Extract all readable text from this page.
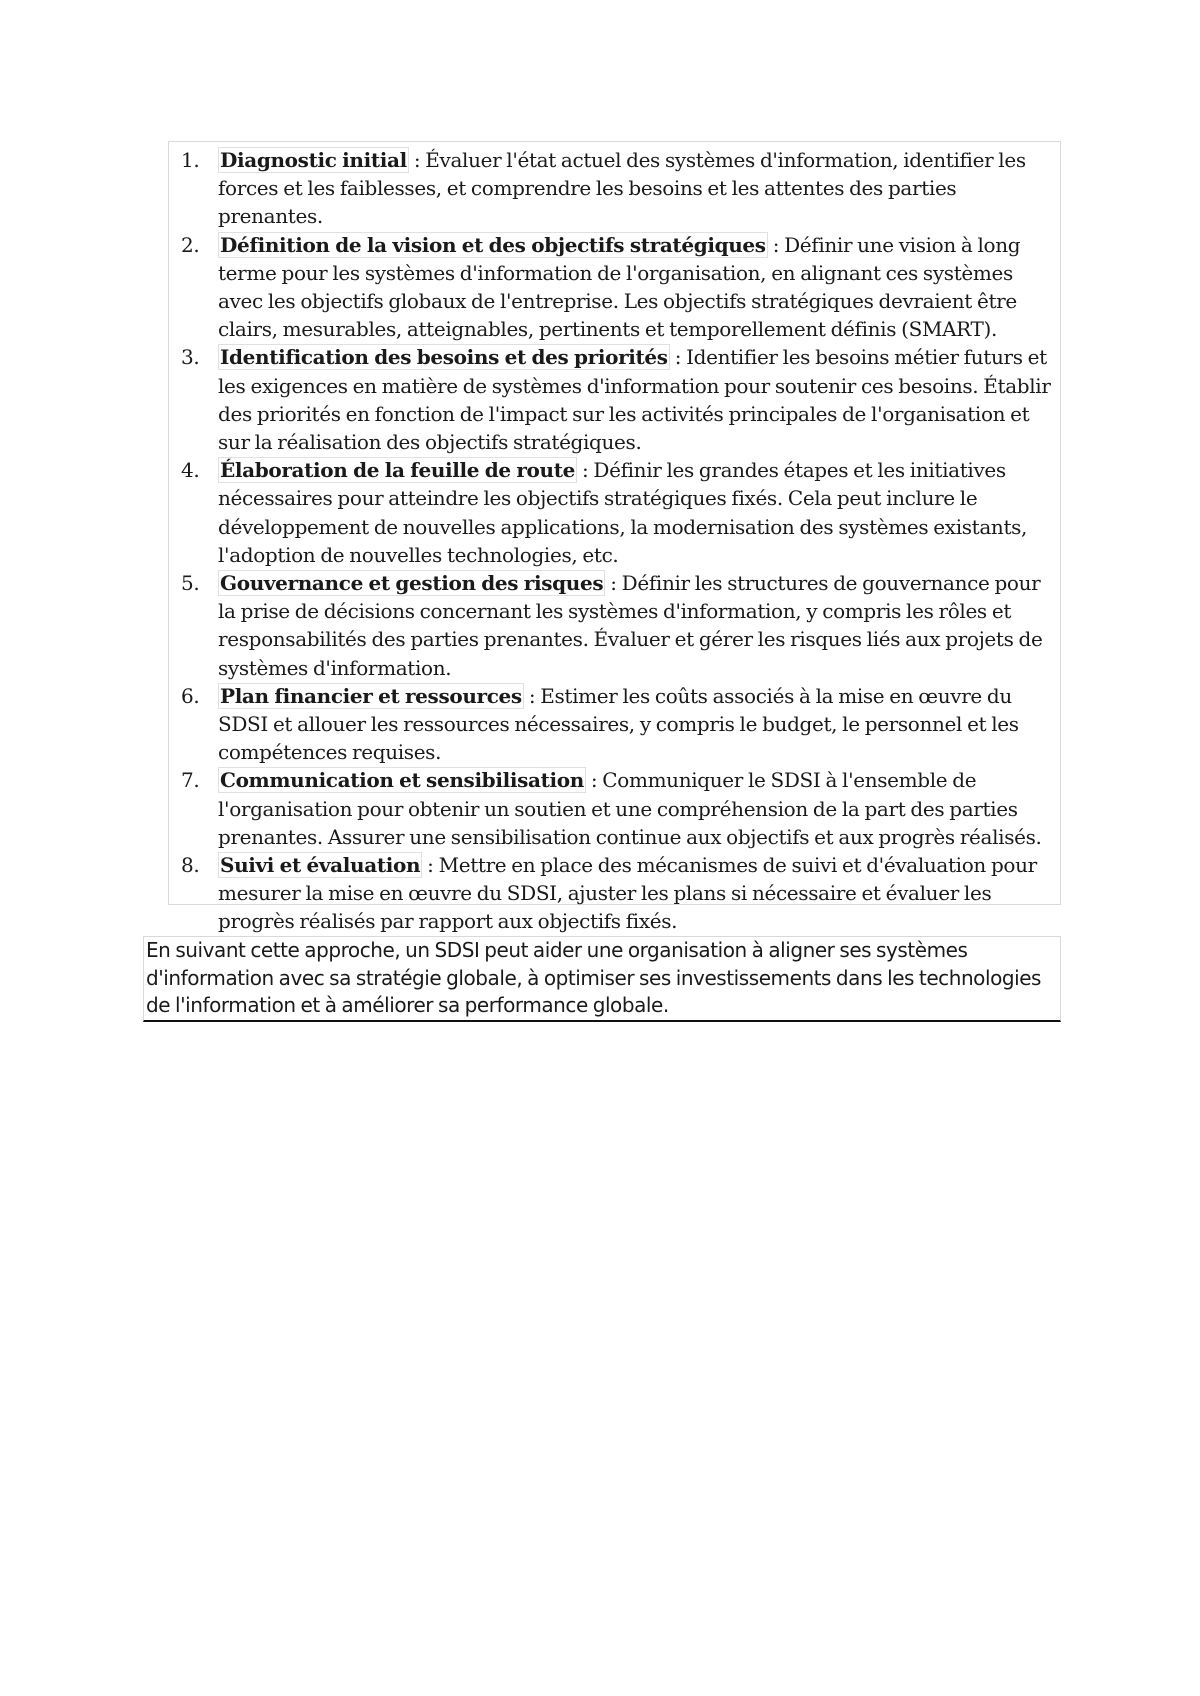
1. Diagnostic initial : Évaluer l'état actuel des systèmes d'information, identifier les forces et les faiblesses, et comprendre les besoins et les attentes des parties prenantes.
2. Définition de la vision et des objectifs stratégiques : Définir une vision à long terme pour les systèmes d'information de l'organisation, en alignant ces systèmes avec les objectifs globaux de l'entreprise. Les objectifs stratégiques devraient être clairs, mesurables, atteignables, pertinents et temporellement définis (SMART).
3. Identification des besoins et des priorités : Identifier les besoins métier futurs et les exigences en matière de systèmes d'information pour soutenir ces besoins. Établir des priorités en fonction de l'impact sur les activités principales de l'organisation et sur la réalisation des objectifs stratégiques.
4. Élaboration de la feuille de route : Définir les grandes étapes et les initiatives nécessaires pour atteindre les objectifs stratégiques fixés. Cela peut inclure le développement de nouvelles applications, la modernisation des systèmes existants, l'adoption de nouvelles technologies, etc.
5. Gouvernance et gestion des risques : Définir les structures de gouvernance pour la prise de décisions concernant les systèmes d'information, y compris les rôles et responsabilités des parties prenantes. Évaluer et gérer les risques liés aux projets de systèmes d'information.
6. Plan financier et ressources : Estimer les coûts associés à la mise en œuvre du SDSI et allouer les ressources nécessaires, y compris le budget, le personnel et les compétences requises.
7. Communication et sensibilisation : Communiquer le SDSI à l'ensemble de l'organisation pour obtenir un soutien et une compréhension de la part des parties prenantes. Assurer une sensibilisation continue aux objectifs et aux progrès réalisés.
8. Suivi et évaluation : Mettre en place des mécanismes de suivi et d'évaluation pour mesurer la mise en œuvre du SDSI, ajuster les plans si nécessaire et évaluer les progrès réalisés par rapport aux objectifs fixés.
En suivant cette approche, un SDSI peut aider une organisation à aligner ses systèmes d'information avec sa stratégie globale, à optimiser ses investissements dans les technologies de l'information et à améliorer sa performance globale.
